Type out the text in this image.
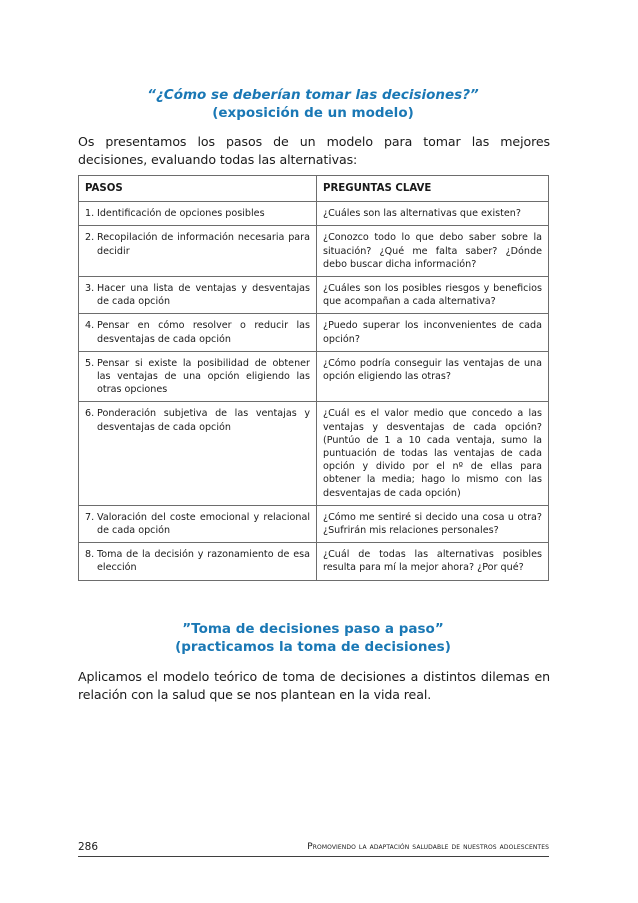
“¿Cómo se deberían tomar las decisiones?”
(exposición de un modelo)
Os presentamos los pasos de un modelo para tomar las mejores decisiones, evaluando todas las alternativas:
PASOS	PREGUNTAS CLAVE

1. Identificación de opciones posibles	¿Cuáles son las alternativas que existen?

2. Recopilación de información necesaria para decidir	¿Conozco todo lo que debo saber sobre la situación? ¿Qué me falta saber? ¿Dónde debo buscar dicha información?

3. Hacer una lista de ventajas y desventajas de cada opción	¿Cuáles son los posibles riesgos y beneficios que acompañan a cada alternativa?

4. Pensar en cómo resolver o reducir las desventajas de cada opción	¿Puedo superar los inconvenientes de cada opción?

5. Pensar si existe la posibilidad de obtener las ventajas de una opción eligiendo las otras opciones	¿Cómo podría conseguir las ventajas de una opción eligiendo las otras?

6. Ponderación subjetiva de las ventajas y desventajas de cada opción	¿Cuál es el valor medio que concedo a las ventajas y desventajas de cada opción? (Puntúo de 1 a 10 cada ventaja, sumo la puntuación de todas las ventajas de cada opción y divido por el nº de ellas para obtener la media; hago lo mismo con las desventajas de cada opción)

7. Valoración del coste emocional y relacional de cada opción	¿Cómo me sentiré si decido una cosa u otra? ¿Sufrirán mis relaciones personales?

8. Toma de la decisión y razonamiento de esa elección	¿Cuál de todas las alternativas posibles resulta para mí la mejor ahora? ¿Por qué?
”Toma de decisiones paso a paso”
(practicamos la toma de decisiones)
Aplicamos el modelo teórico de toma de decisiones a distintos dilemas en relación con la salud que se nos plantean en la vida real.
286	Promoviendo la adaptación saludable de nuestros adolescentes
